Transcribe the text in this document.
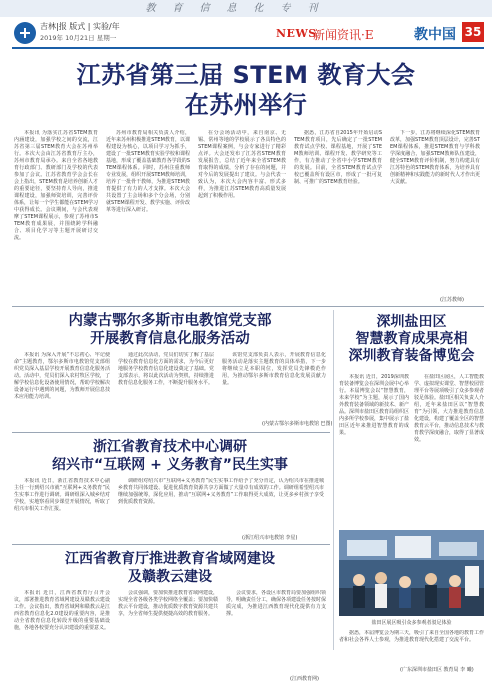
教育信息化专刊
吉林|报 版式 | 实验/年
2019年 10月21日 星期一	NEWS
新闻资讯·E	教中国 35
江苏省第三届 STEM 教育大会
在苏州举行

本报讯 为落实江苏省STEM教育内涵建设，加强学校之间的交流，江苏省第三届STEM教育大会在苏州举行。本次大会由江苏省教育厅主办，苏州市教育局承办。来自全省各地教育行政部门、教研部门及学校的代表参加了会议。江苏省教育学会会长在会上指出，STEM教育是培养创新人才的重要途径，要坚持育人导向，推进课程建设，加强师资培训，完善评价体系，让每一个学生都能在STEM学习中获得成长。会议期间，与会代表观摩了STEM课程展示，参观了苏州市STEM教育成果展，并围绕跨学科融合、项目化学习等主题开展研讨交流。

苏州市教育局相关负责人介绍，近年来苏州积极推进STEM教育，以课程建设为核心，以项目学习为抓手，建设了一批STEM教育实验学校和课程基地，形成了覆盖基础教育各学段的STEM课程体系。同时，苏州注重教师专业发展，组织开展STEM教师培训，培养了一批骨干教师，为推进STEM教育提供了有力的人才支撑。本次大会共设置了主会场和多个分会场，分别就STEM课程开发、教学实施、评价改革等进行深入研讨。

在分会场活动中，来自南京、无锡、常州等地的学校展示了各具特色的STEM课程案例，与会专家进行了精彩点评。大会还发布了江苏省STEM教育发展报告，总结了近年来全省STEM教育取得的成绩，分析了存在的问题，并对今后的发展提出了建议。与会代表一致认为，本次大会内容丰富、形式多样，为推进江苏STEM教育高质量发展起到了积极作用。

据悉，江苏省自2015年开始启动STEM教育项目，先后确定了一批STEM教育试点学校、课程基地，开展了STEM教师培训、课程开发、教学研究等工作，有力推动了全省中小学STEM教育的发展。目前，全省STEM教育试点学校已覆盖所有设区市，形成了一批可复制、可推广的STEM教育经验。

下一步，江苏将继续深化STEM教育改革，加强STEM教育顶层设计，完善STEM课程体系，推进STEM教育与学科教学深度融合，加强STEM教师队伍建设，健全STEM教育评价机制，努力构建具有江苏特色的STEM教育体系，为培养具有创新精神和实践能力的新时代人才作出更大贡献。

(江苏教师)
内蒙古鄂尔多斯市电教馆党支部
开展教育信息化服务活动

本报讯 为深入开展“不忘初心、牢记使命”主题教育，鄂尔多斯市电教馆党支部组织党员深入基层学校开展教育信息化服务活动。活动中，党员们深入农村牧区学校，了解学校信息化设备使用情况，帮助学校解决设备运行中遇到的问题，为教师开展信息技术应用能力培训。

通过此次活动，党员们切实了解了基层学校在教育信息化方面的需求，为今后更好地服务学校教育信息化建设奠定了基础。党支部表示，将以此次活动为契机，持续推进教育信息化服务工作，不断提升服务水平。

该馆党支部负责人表示，开展教育信息化服务活动是落实主题教育的具体举措，下一步将继续立足本职岗位，发挥党员先锋模范作用，为推动鄂尔多斯市教育信息化发展贡献力量。

(内蒙古鄂尔多斯市电教馆 巴图)
深圳盐田区
智慧教育成果亮相
深圳教育装备博览会

本报讯 近日，2019深圳教育装备博览会在深圳会展中心举行。本届博览会以“智慧教育，未来学校”为主题，展示了国内外教育装备领域的新技术、新产品。深圳市盐田区教育局组织区内多所学校参展，集中展示了盐田区近年来推进智慧教育的成果。

在盐田区展区，人工智能教学、虚拟现实课堂、智慧校园管理平台等展项吸引了众多参观者驳足体验。盐田区相关负责人介绍，近年来盐田区以“智慧教育”为引领，大力推进教育信息化建设，构建了覆盖全区的智慧教育云平台，推动信息技术与教育教学深度融合，取得了显著成效。

盐田区展区吸引众多参观者驳足体验

据悉，本届博览会为期三天，吸引了来自全国各地的教育工作者和社会各界人士参观，为推进教育现代化搭建了交流平台。

(广东深圳市盐田区 教育局 李 曦)
浙江省教育技术中心调研
绍兴市“互联网 + 义务教育”民生实事

本报讯 近日，浙江省教育技术中心副主任一行到绍兴市就“互联网+义务教育”民生实事工作进行调研。调研组深入城乡结对学校，实地察看同步课堂开展情况，听取了绍兴市相关工作汇报。

调研组对绍兴市“互联网+义务教育”民生实事工作给予了充分肯定，认为绍兴市在推进城乡教育共同体建设、促进优质教育资源共享方面做了大量卓有成效的工作。调研组希望绍兴市继续加强统筹，深化应用，推动“互联网+义务教育”工作取得更大成效，让更多乡村孩子享受到优质教育资源。

(浙江绍兴市电教馆 李星)
江西省教育厅推进教育省域网建设
及赣教云建设

本报讯 近日，江西省教育厅召开会议，部署推进教育省域网建设及赣教云建设工作。会议指出，教育省域网和赣教云是江西省教育信息化2.0建设的重要内容，是推动全省教育信息化转段升级的重要基础设施，各地各校要充分认识建设的重要意义。

会议强调，要加快推进教育省域网建设，实现全省各级各类学校网络全覆盖；要加快赣教云平台建设，推动优质数字教育资源共建共享，为全省师生提供便捷高效的教育服务。

会议要求，各设区市教育局要加强组织领导，明确责任分工，确保各项建设任务按时保质完成，为推进江西教育现代化提供有力支撑。

(江西教育网)
